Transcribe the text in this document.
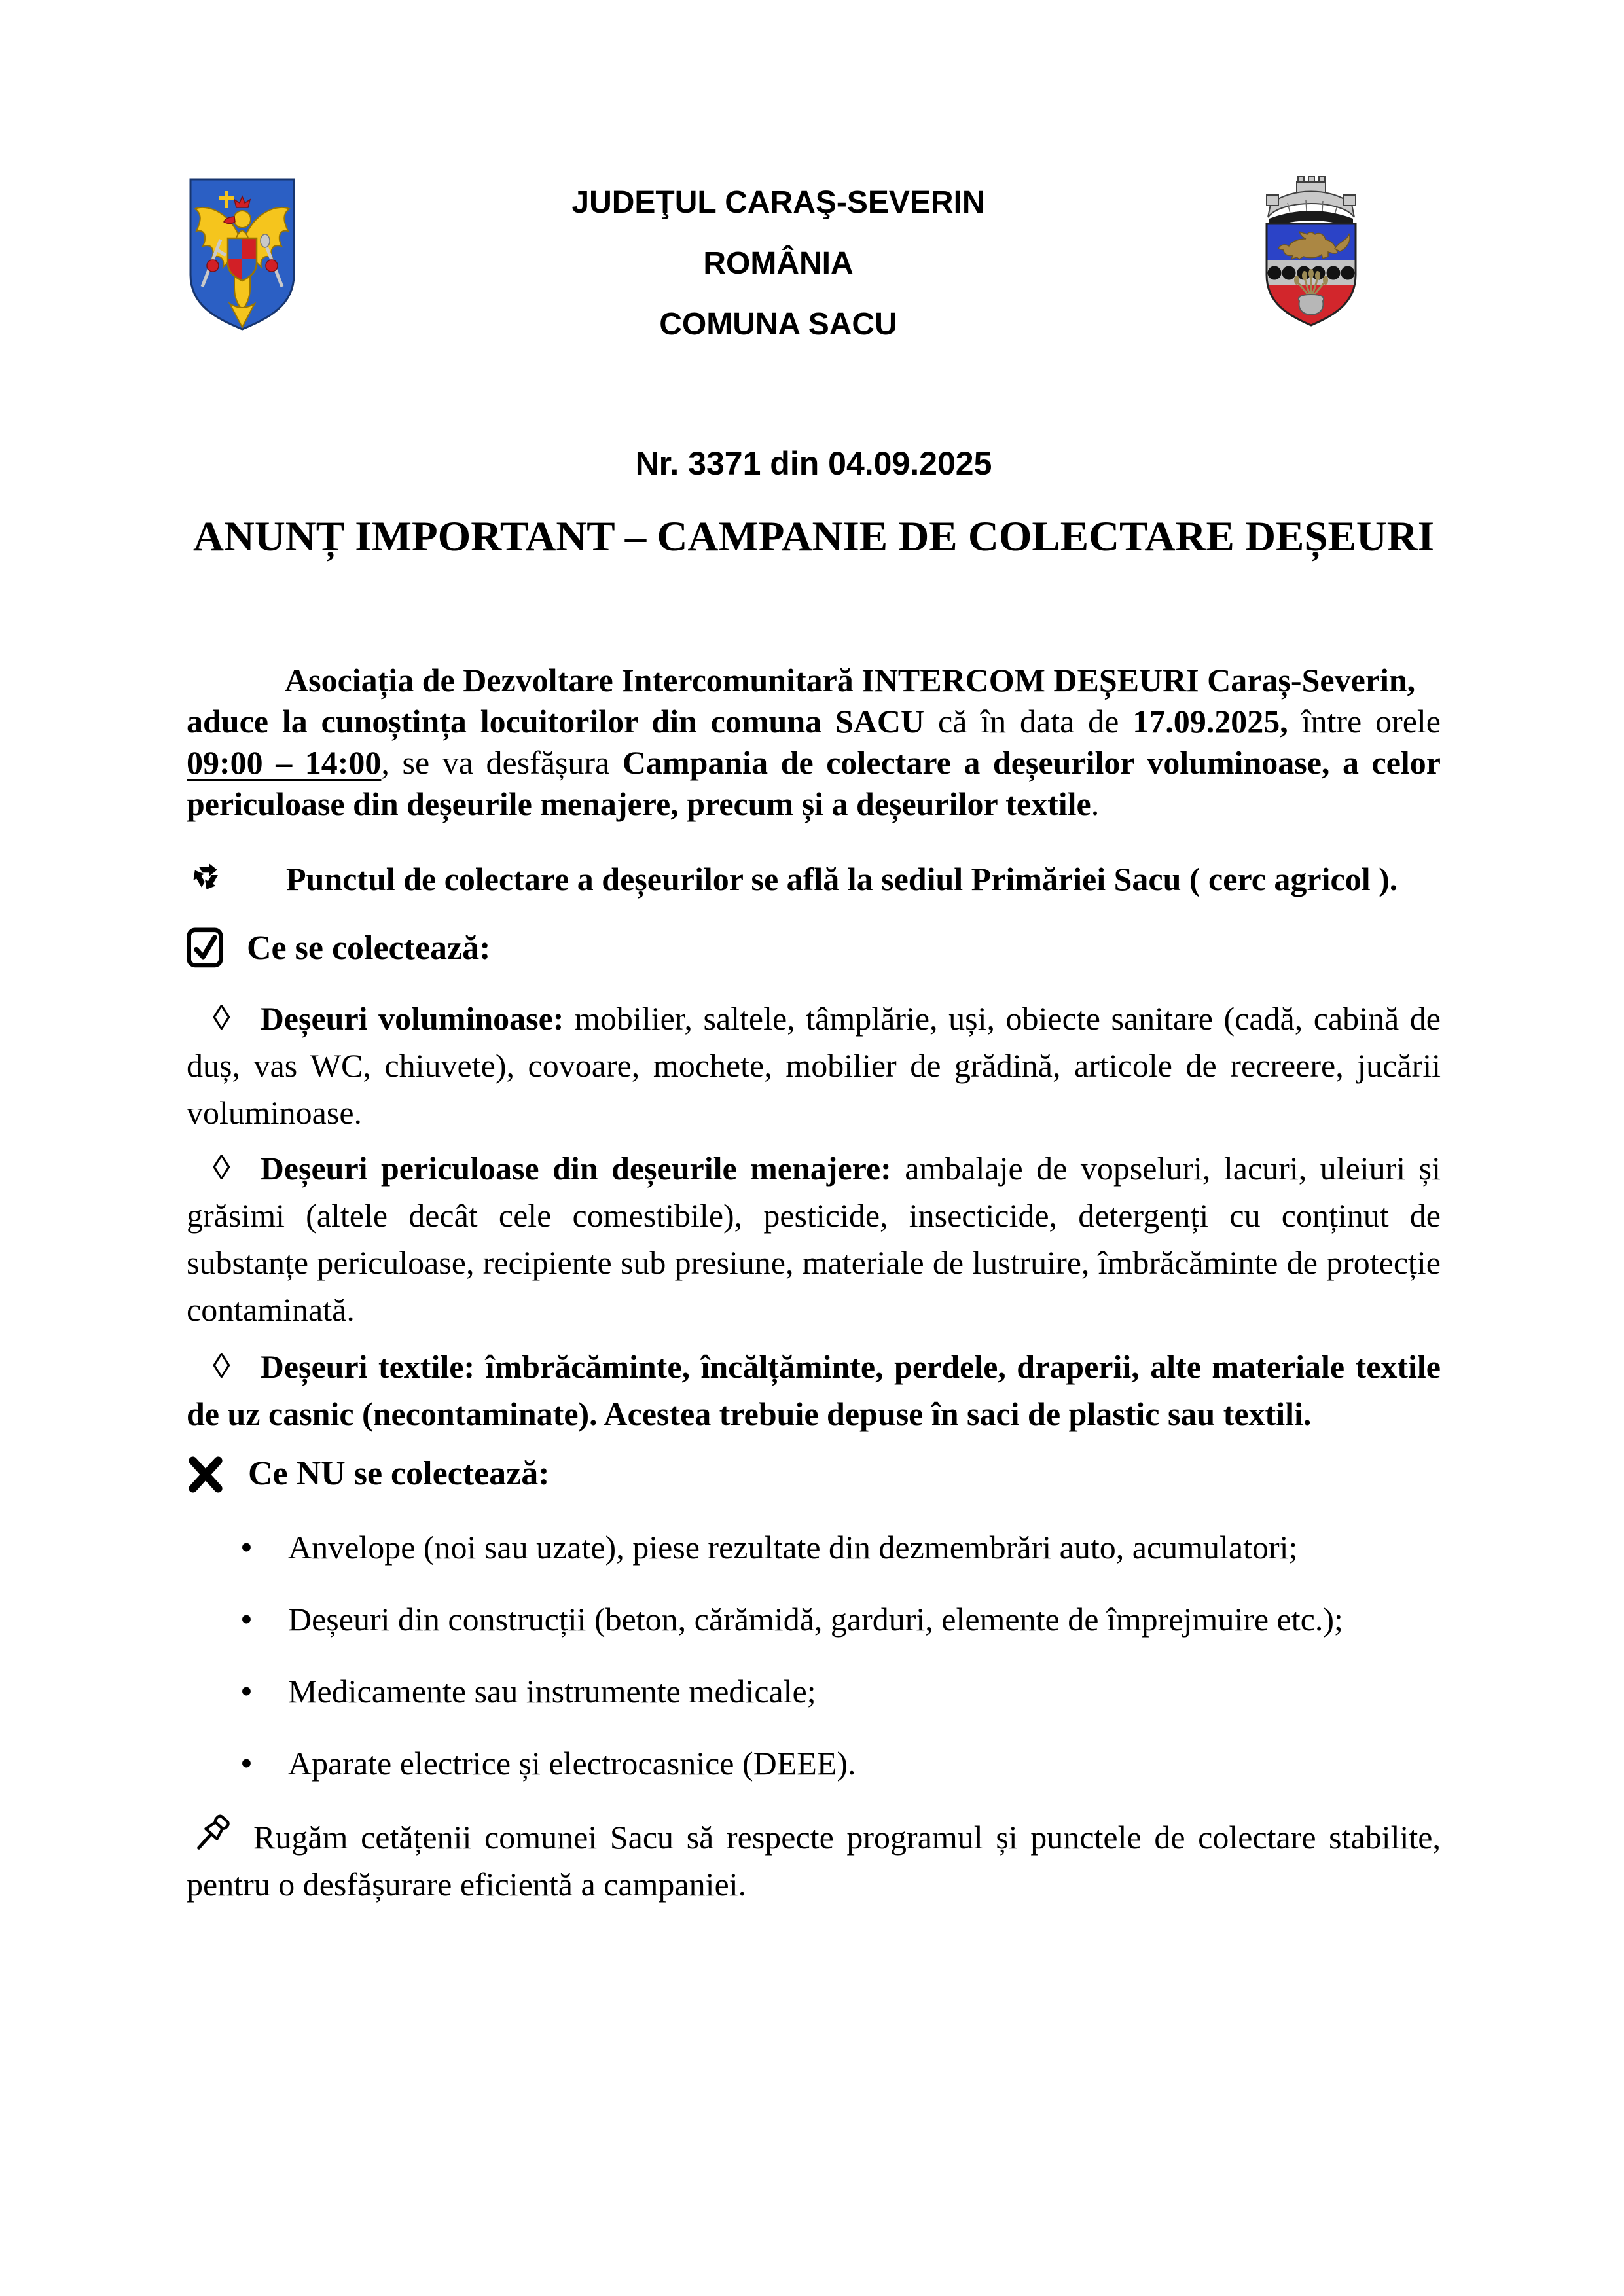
JUDEŢUL CARAŞ-SEVERIN
ROMÂNIA
COMUNA SACU

Nr. 3371 din 04.09.2025

ANUNȚ IMPORTANT – CAMPANIE DE COLECTARE DEȘEURI

Asociația de Dezvoltare Intercomunitară INTERCOM DEȘEURI Caraș-Severin,
aduce la cunoștința locuitorilor din comuna SACU că în data de 17.09.2025, între orele 09:00 – 14:00, se va desfășura Campania de colectare a deșeurilor voluminoase, a celor periculoase din deșeurile menajere, precum și a deșeurilor textile.

Punctul de colectare a deșeurilor se află la sediul Primăriei Sacu ( cerc agricol ).

Ce se colectează:

◊ Deșeuri voluminoase: mobilier, saltele, tâmplărie, uși, obiecte sanitare (cadă, cabină de duș, vas WC, chiuvete), covoare, mochete, mobilier de grădină, articole de recreere, jucării voluminoase.

◊ Deșeuri periculoase din deșeurile menajere: ambalaje de vopseluri, lacuri, uleiuri și grăsimi (altele decât cele comestibile), pesticide, insecticide, detergenți cu conținut de substanțe periculoase, recipiente sub presiune, materiale de lustruire, îmbrăcăminte de protecție contaminată.

◊ Deșeuri textile: îmbrăcăminte, încălțăminte, perdele, draperii, alte materiale textile de uz casnic (necontaminate). Acestea trebuie depuse în saci de plastic sau textili.

Ce NU se colectează:

• Anvelope (noi sau uzate), piese rezultate din dezmembrări auto, acumulatori;
• Deșeuri din construcții (beton, cărămidă, garduri, elemente de împrejmuire etc.);
• Medicamente sau instrumente medicale;
• Aparate electrice și electrocasnice (DEEE).

Rugăm cetățenii comunei Sacu să respecte programul și punctele de colectare stabilite, pentru o desfășurare eficientă a campaniei.
